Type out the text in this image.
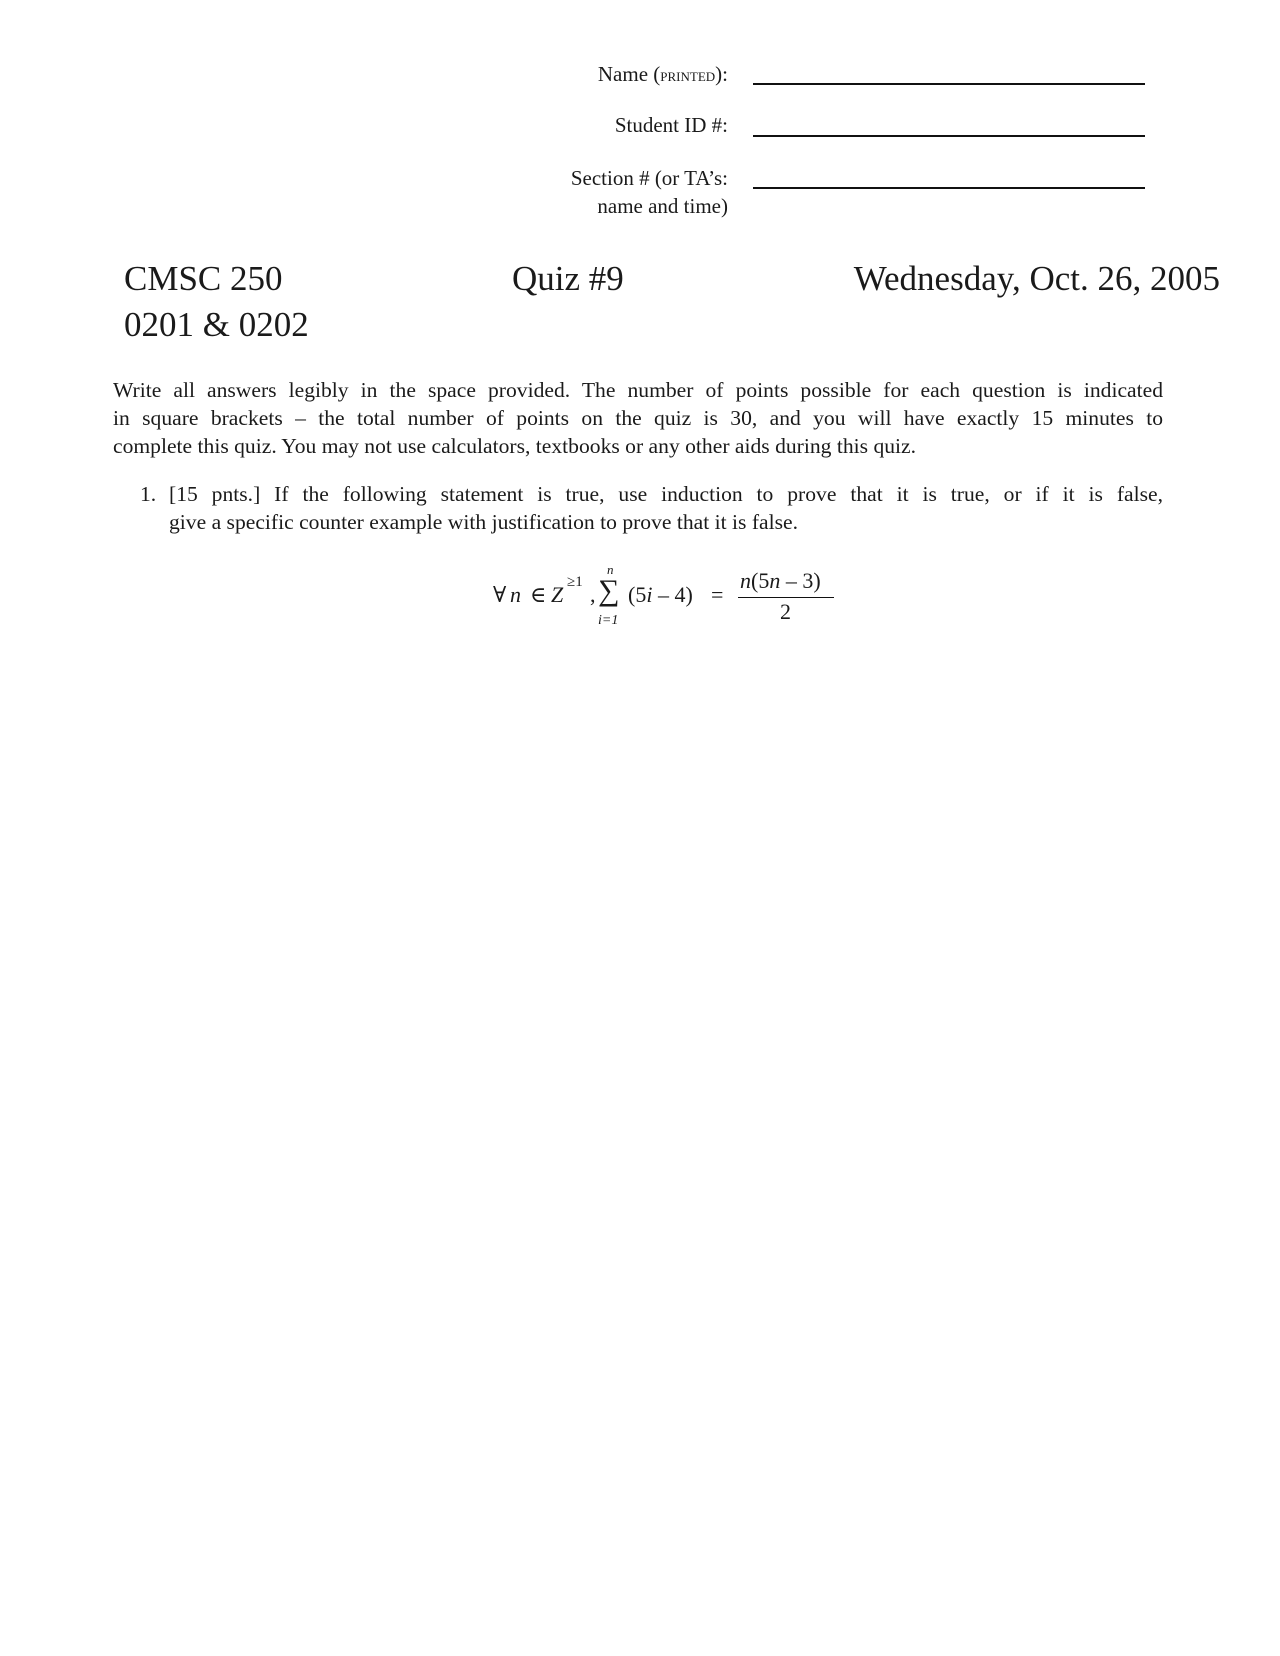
Name (printed):
Student ID #:
Section # (or TA’s:
name and time)
CMSC 250
0201 & 0202
Quiz #9	Wednesday, Oct. 26, 2005
Write all answers legibly in the space provided. The number of points possible for each question is indicated
in square brackets – the total number of points on the quiz is 30, and you will have exactly 15 minutes to
complete this quiz. You may not use calculators, textbooks or any other aids during this quiz.
1. [15 pnts.] If the following statement is true, use induction to prove that it is true, or if it is false,
give a specific counter example with justification to prove that it is false.
∀ n ∈ Z ≥1 ,
n
∑
i=1
(5i – 4) =
n(5n – 3)
2
